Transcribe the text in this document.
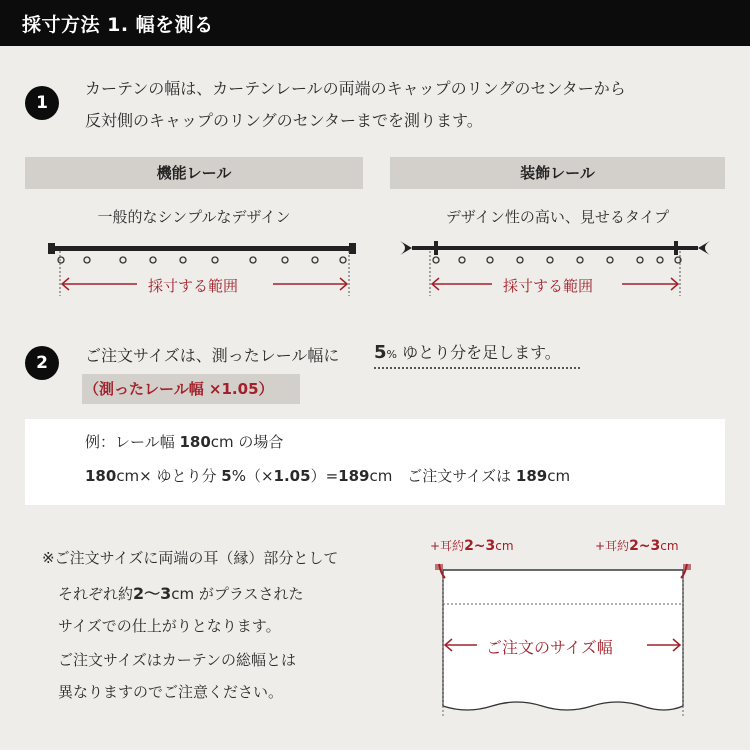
採寸方法 1. 幅を測る
1
カーテンの幅は、カーテンレールの両端のキャップのリングのセンターから
反対側のキャップのリングのセンターまでを測ります。
機能レール	装飾レール
一般的なシンプルなデザイン	デザイン性の高い、見せるタイプ
採寸する範囲	採寸する範囲
2	ご注文サイズは、測ったレール幅に 5% ゆとり分を足します。
（測ったレール幅 ×1.05）
例：レール幅 180cm の場合
180cm× ゆとり分 5%（×1.05）=189cm　ご注文サイズは 189cm
※ご注文サイズに両端の耳（縁）部分として
それぞれ約2〜3cm がプラスされた
サイズでの仕上がりとなります。
ご注文サイズはカーテンの総幅とは
異なりますのでご注意ください。
+耳約2~3cm	+耳約2~3cm
ご注文のサイズ幅
